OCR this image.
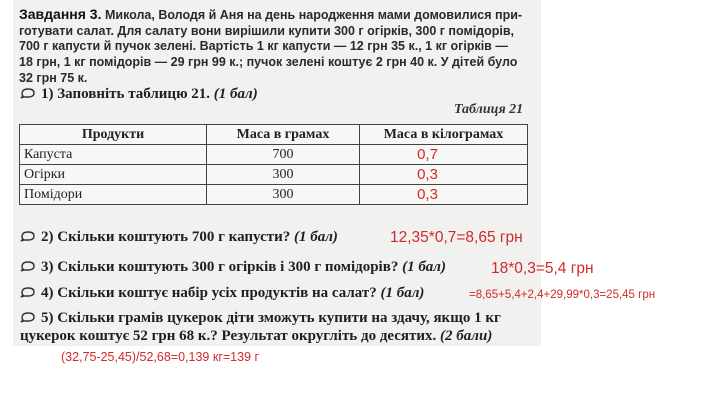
Завдання 3. Микола, Володя й Аня на день народження мами домовилися при-
готувати салат. Для салату вони вирішили купити 300 г огірків, 300 г помідорів,
700 г капусти й пучок зелені. Вартість 1 кг капусти — 12 грн 35 к., 1 кг огірків —
18 грн, 1 кг помідорів — 29 грн 99 к.; пучок зелені коштує 2 грн 40 к. У дітей було
32 грн 75 к.
1) Заповніть таблицю 21. (1 бал)
Таблиця 21
Продукти	Маса в грамах	Маса в кілограмах
Капуста	700	0,7
Огірки	300	0,3
Помідори	300	0,3
2) Скільки коштують 700 г капусти? (1 бал)	12,35*0,7=8,65 грн
3) Скільки коштують 300 г огірків і 300 г помідорів? (1 бал)	18*0,3=5,4 грн
4) Скільки коштує набір усіх продуктів на салат? (1 бал)	=8,65+5,4+2,4+29,99*0,3=25,45 грн
5) Скільки грамів цукерок діти зможуть купити на здачу, якщо 1 кг
цукерок коштує 52 грн 68 к.? Результат округліть до десятих. (2 бали)
(32,75-25,45)/52,68=0,139 кг=139 г
